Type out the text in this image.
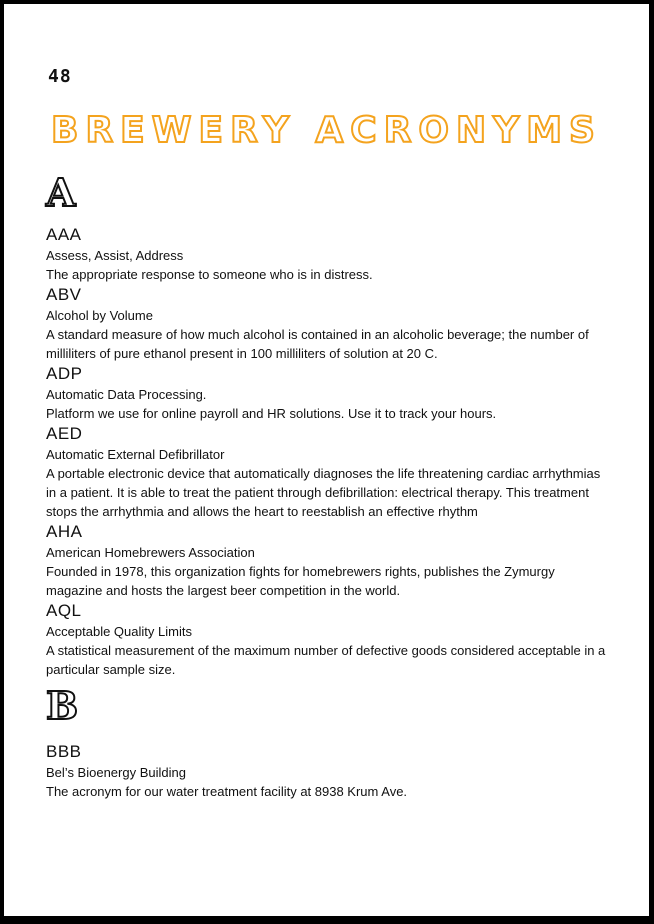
48
BREWERY ACRONYMS
A
AAA
Assess, Assist, Address
The appropriate response to someone who is in distress.
ABV
Alcohol by Volume
A standard measure of how much alcohol is contained in an alcoholic beverage; the number of milliliters of pure ethanol present in 100 milliliters of solution at 20 C.
ADP
Automatic Data Processing.
Platform we use for online payroll and HR solutions. Use it to track your hours.
AED
Automatic External Defibrillator
A portable electronic device that automatically diagnoses the life threatening cardiac arrhythmias in a patient. It is able to treat the patient through defibrillation: electrical therapy. This treatment stops the arrhythmia and allows the heart to reestablish an effective rhythm
AHA
American Homebrewers Association
Founded in 1978, this organization fights for homebrewers rights, publishes the Zymurgy magazine and hosts the largest beer competition in the world.
AQL
Acceptable Quality Limits
A statistical measurement of the maximum number of defective goods considered acceptable in a particular sample size.
B
BBB
Bel’s Bioenergy Building
The acronym for our water treatment facility at 8938 Krum Ave.
